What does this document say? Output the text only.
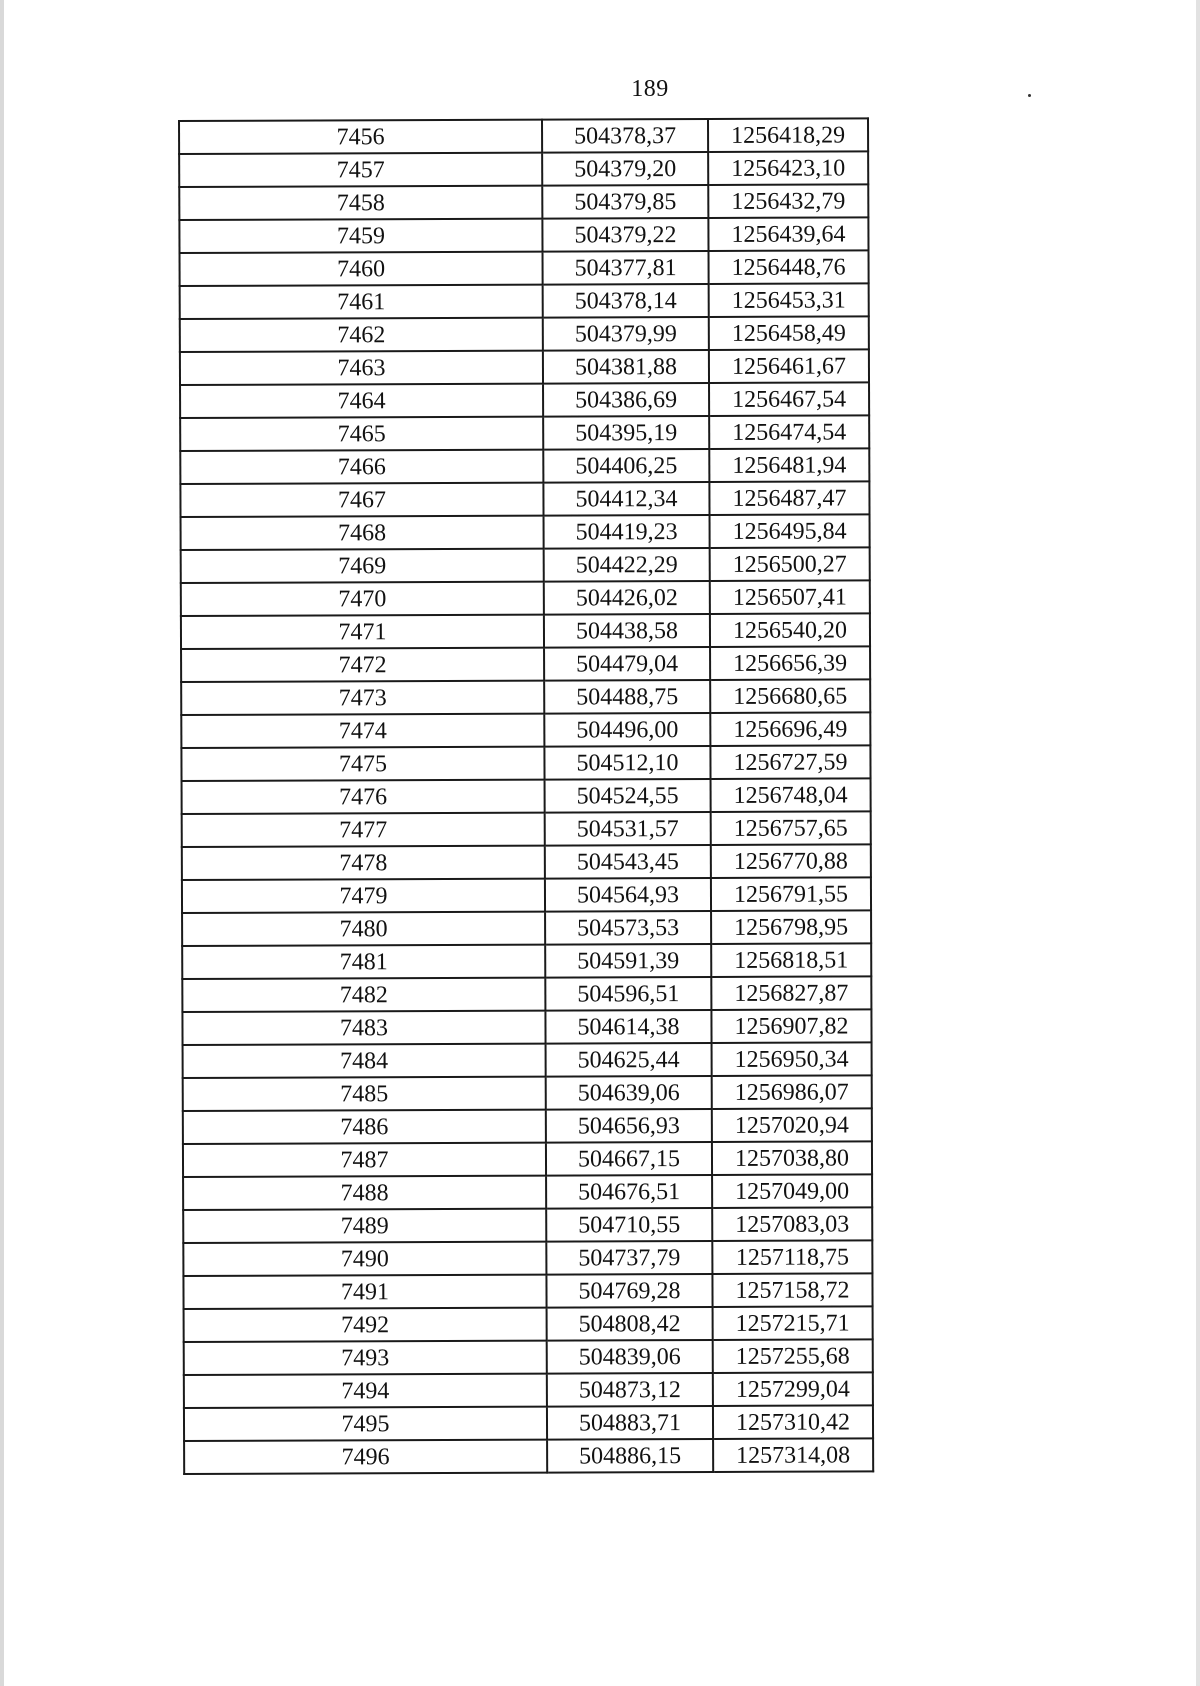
189
7456	504378,37	1256418,29
7457	504379,20	1256423,10
7458	504379,85	1256432,79
7459	504379,22	1256439,64
7460	504377,81	1256448,76
7461	504378,14	1256453,31
7462	504379,99	1256458,49
7463	504381,88	1256461,67
7464	504386,69	1256467,54
7465	504395,19	1256474,54
7466	504406,25	1256481,94
7467	504412,34	1256487,47
7468	504419,23	1256495,84
7469	504422,29	1256500,27
7470	504426,02	1256507,41
7471	504438,58	1256540,20
7472	504479,04	1256656,39
7473	504488,75	1256680,65
7474	504496,00	1256696,49
7475	504512,10	1256727,59
7476	504524,55	1256748,04
7477	504531,57	1256757,65
7478	504543,45	1256770,88
7479	504564,93	1256791,55
7480	504573,53	1256798,95
7481	504591,39	1256818,51
7482	504596,51	1256827,87
7483	504614,38	1256907,82
7484	504625,44	1256950,34
7485	504639,06	1256986,07
7486	504656,93	1257020,94
7487	504667,15	1257038,80
7488	504676,51	1257049,00
7489	504710,55	1257083,03
7490	504737,79	1257118,75
7491	504769,28	1257158,72
7492	504808,42	1257215,71
7493	504839,06	1257255,68
7494	504873,12	1257299,04
7495	504883,71	1257310,42
7496	504886,15	1257314,08
